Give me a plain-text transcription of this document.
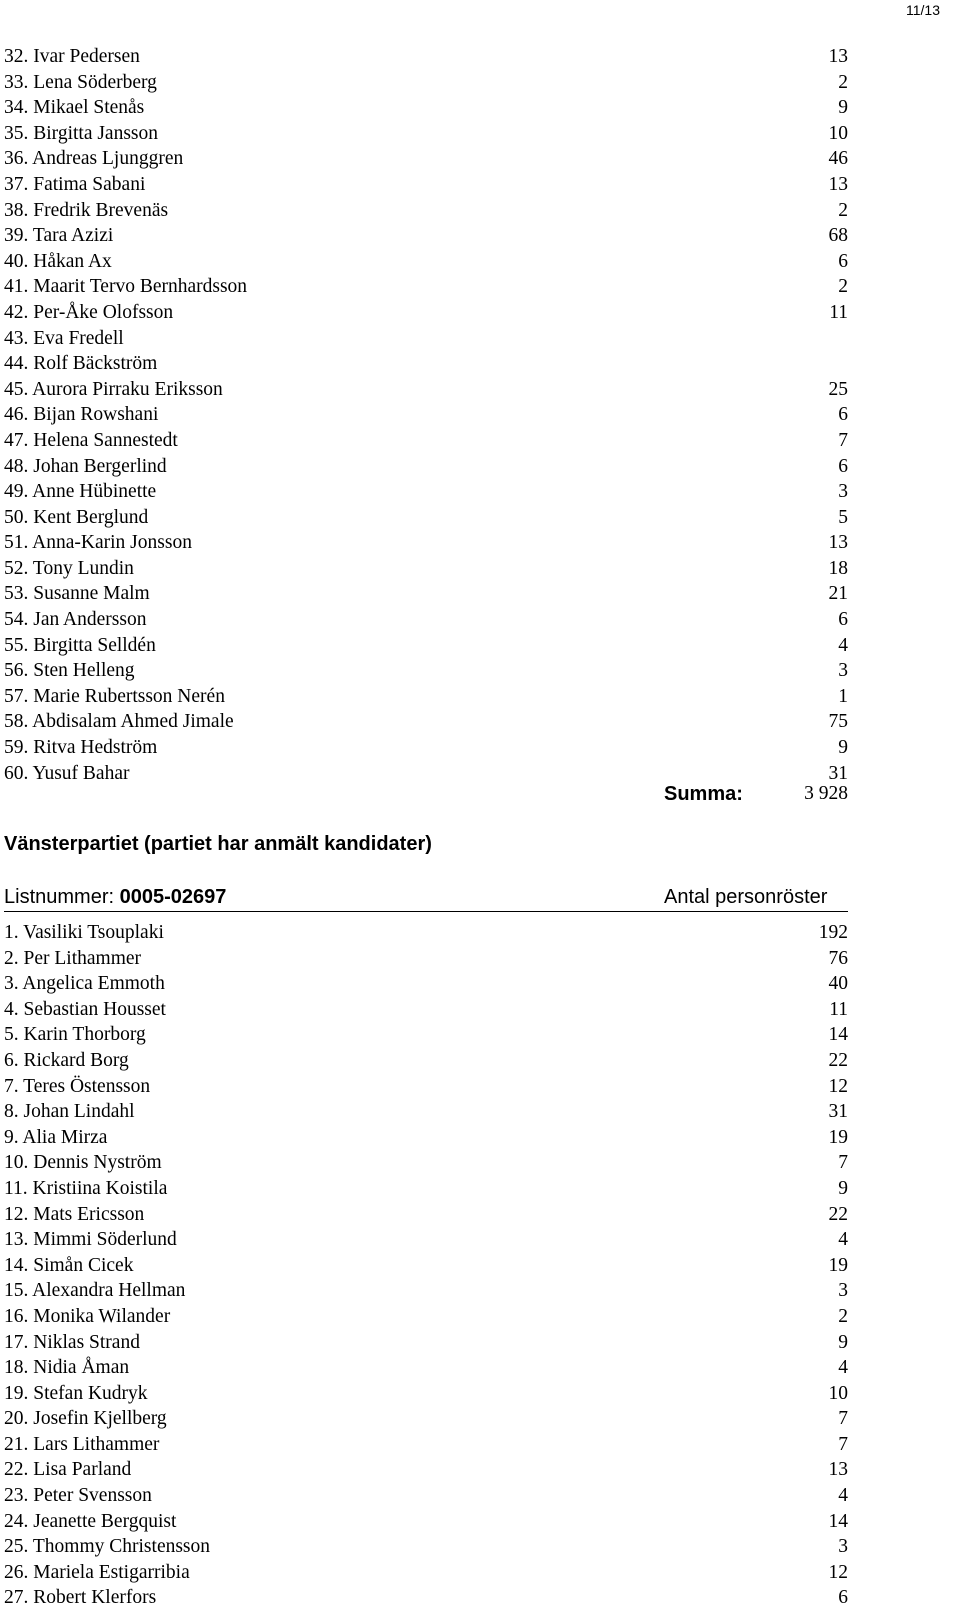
11/13
32. Ivar Pedersen	13
33. Lena Söderberg	2
34. Mikael Stenås	9
35. Birgitta Jansson	10
36. Andreas Ljunggren	46
37. Fatima Sabani	13
38. Fredrik Brevenäs	2
39. Tara Azizi	68
40. Håkan Ax	6
41. Maarit Tervo Bernhardsson	2
42. Per-Åke Olofsson	11
43. Eva Fredell
44. Rolf Bäckström
45. Aurora Pirraku Eriksson	25
46. Bijan Rowshani	6
47. Helena Sannestedt	7
48. Johan Bergerlind	6
49. Anne Hübinette	3
50. Kent Berglund	5
51. Anna-Karin Jonsson	13
52. Tony Lundin	18
53. Susanne Malm	21
54. Jan Andersson	6
55. Birgitta Selldén	4
56. Sten Helleng	3
57. Marie Rubertsson Nerén	1
58. Abdisalam Ahmed Jimale	75
59. Ritva Hedström	9
60. Yusuf Bahar	31
Summa:	3 928
Vänsterpartiet (partiet har anmält kandidater)
Listnummer: 0005-02697	Antal personröster
1. Vasiliki Tsouplaki	192
2. Per Lithammer	76
3. Angelica Emmoth	40
4. Sebastian Housset	11
5. Karin Thorborg	14
6. Rickard Borg	22
7. Teres Östensson	12
8. Johan Lindahl	31
9. Alia Mirza	19
10. Dennis Nyström	7
11. Kristiina Koistila	9
12. Mats Ericsson	22
13. Mimmi Söderlund	4
14. Simån Cicek	19
15. Alexandra Hellman	3
16. Monika Wilander	2
17. Niklas Strand	9
18. Nidia Åman	4
19. Stefan Kudryk	10
20. Josefin Kjellberg	7
21. Lars Lithammer	7
22. Lisa Parland	13
23. Peter Svensson	4
24. Jeanette Bergquist	14
25. Thommy Christensson	3
26. Mariela Estigarribia	12
27. Robert Klerfors	6
